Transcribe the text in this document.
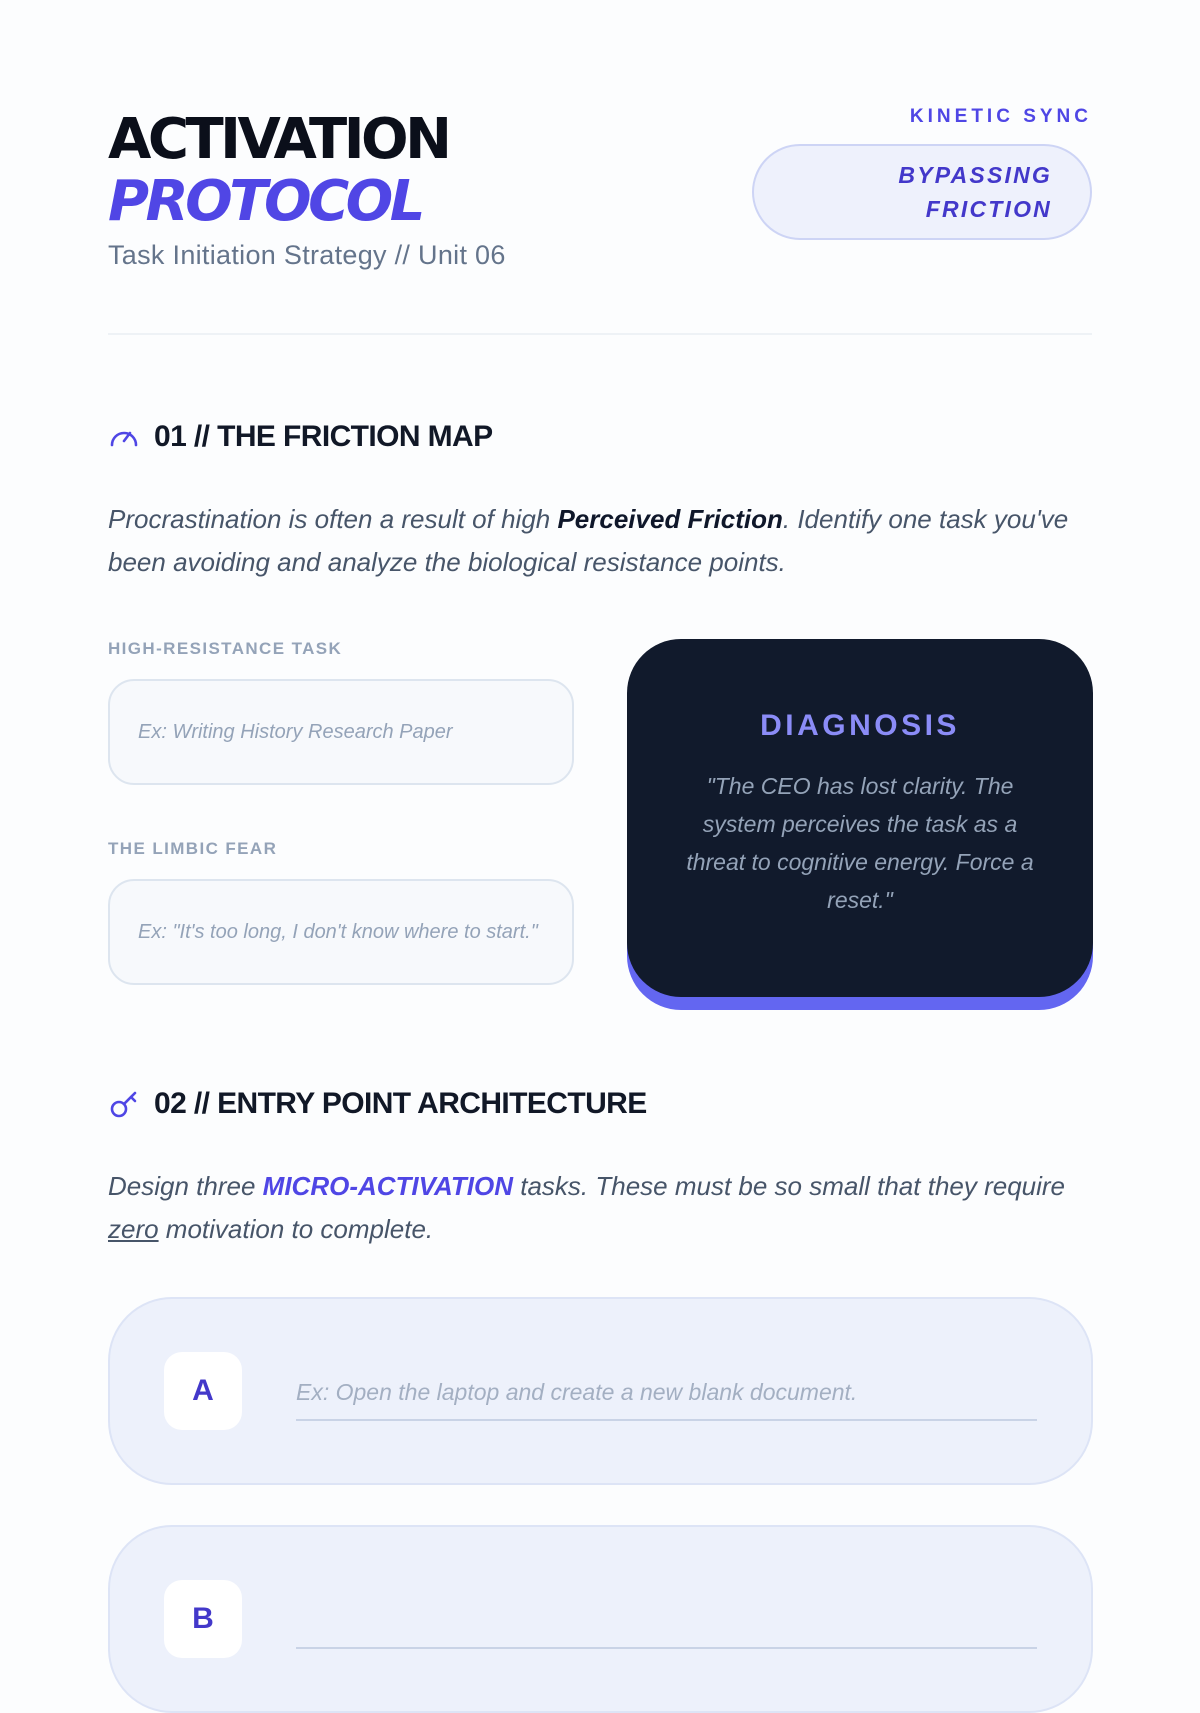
ACTIVATION
PROTOCOL
Task Initiation Strategy // Unit 06
KINETIC SYNC
BYPASSING FRICTION
01 // THE FRICTION MAP

Procrastination is often a result of high Perceived Friction. Identify one task you've been avoiding and analyze the biological resistance points.

HIGH-RESISTANCE TASK
Ex: Writing History Research Paper
THE LIMBIC FEAR
Ex: "It's too long, I don't know where to start."
DIAGNOSIS
"The CEO has lost clarity. The system perceives the task as a threat to cognitive energy. Force a reset."
02 // ENTRY POINT ARCHITECTURE

Design three MICRO-ACTIVATION tasks. These must be so small that they require zero motivation to complete.

A	Ex: Open the laptop and create a new blank document.
B
